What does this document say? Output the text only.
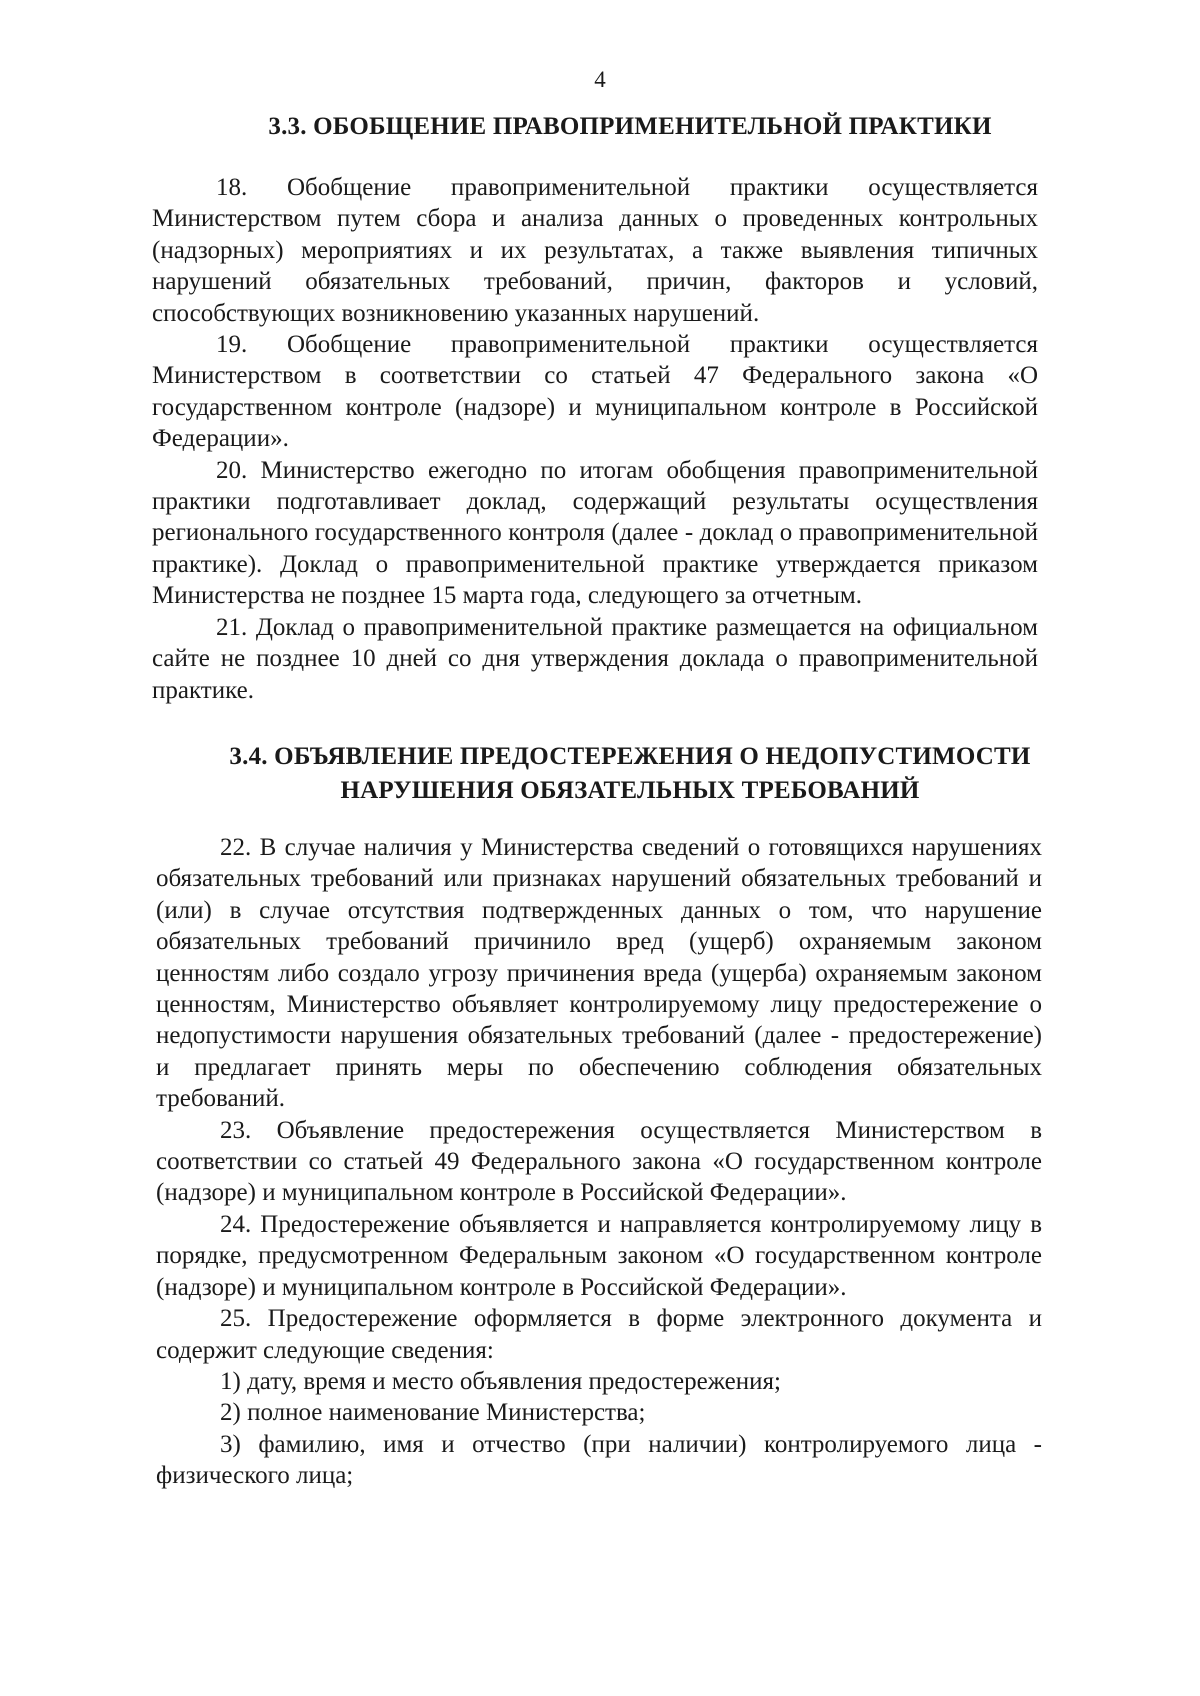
4
3.3. ОБОБЩЕНИЕ ПРАВОПРИМЕНИТЕЛЬНОЙ ПРАКТИКИ

18. Обобщение правоприменительной практики осуществляется Министерством путем сбора и анализа данных о проведенных контрольных (надзорных) мероприятиях и их результатах, а также выявления типичных нарушений обязательных требований, причин, факторов и условий, способствующих возникновению указанных нарушений.

19. Обобщение правоприменительной практики осуществляется Министерством в соответствии со статьей 47 Федерального закона «О государственном контроле (надзоре) и муниципальном контроле в Российской Федерации».

20. Министерство ежегодно по итогам обобщения правоприменительной практики подготавливает доклад, содержащий результаты осуществления регионального государственного контроля (далее - доклад о правоприменительной практике). Доклад о правоприменительной практике утверждается приказом Министерства не позднее 15 марта года, следующего за отчетным.

21. Доклад о правоприменительной практике размещается на официальном сайте не позднее 10 дней со дня утверждения доклада о правоприменительной практике.

3.4. ОБЪЯВЛЕНИЕ ПРЕДОСТЕРЕЖЕНИЯ О НЕДОПУСТИМОСТИ
НАРУШЕНИЯ ОБЯЗАТЕЛЬНЫХ ТРЕБОВАНИЙ

22. В случае наличия у Министерства сведений о готовящихся нарушениях обязательных требований или признаках нарушений обязательных требований и (или) в случае отсутствия подтвержденных данных о том, что нарушение обязательных требований причинило вред (ущерб) охраняемым законом ценностям либо создало угрозу причинения вреда (ущерба) охраняемым законом ценностям, Министерство объявляет контролируемому лицу предостережение о недопустимости нарушения обязательных требований (далее - предостережение) и предлагает принять меры по обеспечению соблюдения обязательных требований.

23. Объявление предостережения осуществляется Министерством в соответствии со статьей 49 Федерального закона «О государственном контроле (надзоре) и муниципальном контроле в Российской Федерации».

24. Предостережение объявляется и направляется контролируемому лицу в порядке, предусмотренном Федеральным законом «О государственном контроле (надзоре) и муниципальном контроле в Российской Федерации».

25. Предостережение оформляется в форме электронного документа и содержит следующие сведения:

1) дату, время и место объявления предостережения;

2) полное наименование Министерства;

3) фамилию, имя и отчество (при наличии) контролируемого лица - физического лица;
